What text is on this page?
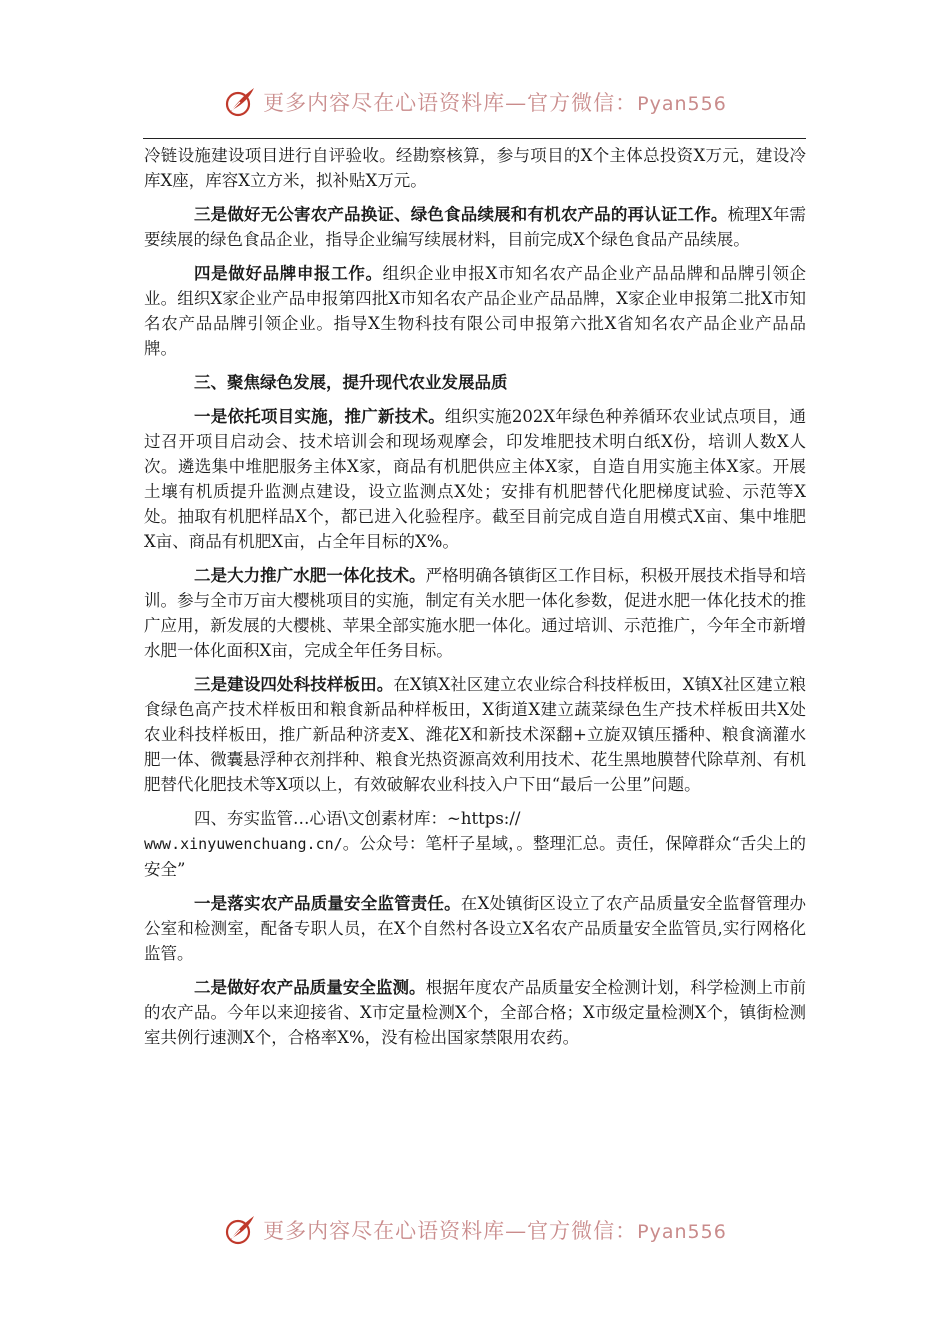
更多内容尽在心语资料库—官方微信：Pyan556

冷链设施建设项目进行自评验收。经勘察核算，参与项目的X个主体总投资X万元，建设冷库X座，库容X立方米，拟补贴X万元。

三是做好无公害农产品换证、绿色食品续展和有机农产品的再认证工作。梳理X年需要续展的绿色食品企业，指导企业编写续展材料，目前完成X个绿色食品产品续展。

四是做好品牌申报工作。组织企业申报X市知名农产品企业产品品牌和品牌引领企业。组织X家企业产品申报第四批X市知名农产品企业产品品牌，X家企业申报第二批X市知名农产品品牌引领企业。指导X生物科技有限公司申报第六批X省知名农产品企业产品品牌。

三、聚焦绿色发展，提升现代农业发展品质

一是依托项目实施，推广新技术。组织实施202X年绿色种养循环农业试点项目，通过召开项目启动会、技术培训会和现场观摩会，印发堆肥技术明白纸X份，培训人数X人次。遴选集中堆肥服务主体X家，商品有机肥供应主体X家，自造自用实施主体X家。开展土壤有机质提升监测点建设，设立监测点X处；安排有机肥替代化肥梯度试验、示范等X处。抽取有机肥样品X个，都已进入化验程序。截至目前完成自造自用模式X亩、集中堆肥X亩、商品有机肥X亩，占全年目标的X%。

二是大力推广水肥一体化技术。严格明确各镇街区工作目标，积极开展技术指导和培训。参与全市万亩大樱桃项目的实施，制定有关水肥一体化参数，促进水肥一体化技术的推广应用，新发展的大樱桃、苹果全部实施水肥一体化。通过培训、示范推广，今年全市新增水肥一体化面积X亩，完成全年任务目标。

三是建设四处科技样板田。在X镇X社区建立农业综合科技样板田，X镇X社区建立粮食绿色高产技术样板田和粮食新品种样板田，X街道X建立蔬菜绿色生产技术样板田共X处农业科技样板田，推广新品种济麦X、潍花X和新技术深翻+立旋双镇压播种、粮食滴灌水肥一体、微囊悬浮种衣剂拌种、粮食光热资源高效利用技术、花生黑地膜替代除草剂、有机肥替代化肥技术等X项以上，有效破解农业科技入户下田“最后一公里”问题。

四、夯实监管…心语\文创素材库：~https://
www.xinyuwenchuang.cn/。公众号：笔杆子星域，。整理汇总。责任，保障群众“舌尖上的安全”

一是落实农产品质量安全监管责任。在X处镇街区设立了农产品质量安全监督管理办公室和检测室，配备专职人员，在X个自然村各设立X名农产品质量安全监管员,实行网格化监管。

二是做好农产品质量安全监测。根据年度农产品质量安全检测计划，科学检测上市前的农产品。今年以来迎接省、X市定量检测X个，全部合格；X市级定量检测X个，镇街检测室共例行速测X个，合格率X%，没有检出国家禁限用农药。

更多内容尽在心语资料库—官方微信：Pyan556
